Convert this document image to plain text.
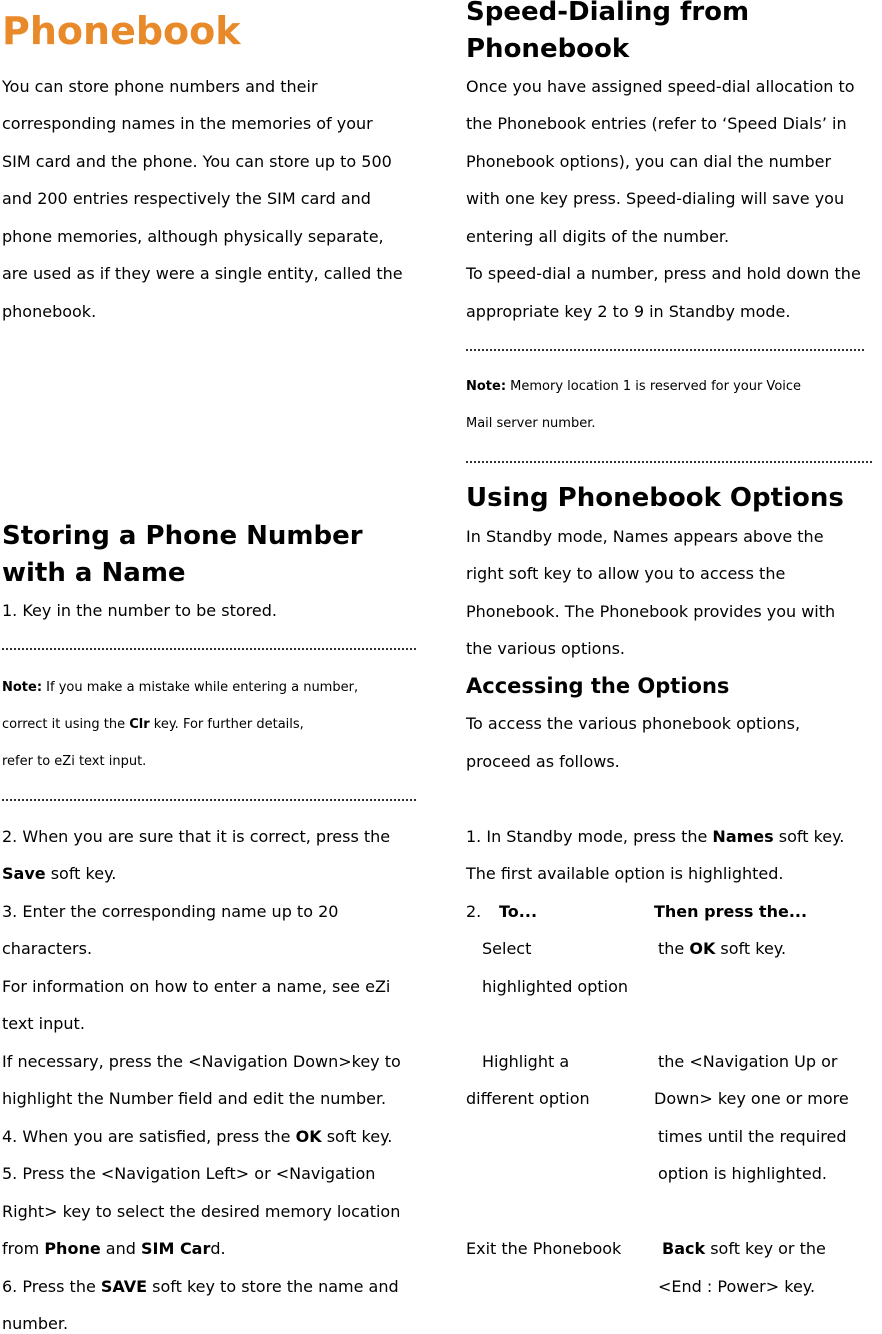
Phonebook
You can store phone numbers and their
corresponding names in the memories of your
SIM card and the phone. You can store up to 500
and 200 entries respectively the SIM card and
phone memories, although physically separate,
are used as if they were a single entity, called the
phonebook.
Storing a Phone Number
with a Name
1. Key in the number to be stored.
Note: If you make a mistake while entering a number,
correct it using the Clr key. For further details,
refer to eZi text input.
2. When you are sure that it is correct, press the
Save soft key.
3. Enter the corresponding name up to 20
characters.
For information on how to enter a name, see eZi
text input.
If necessary, press the <Navigation Down>key to
highlight the Number field and edit the number.
4. When you are satisfied, press the OK soft key.
5. Press the <Navigation Left> or <Navigation
Right> key to select the desired memory location
from Phone and SIM Card.
6. Press the SAVE soft key to store the name and
number.
Speed-Dialing from
Phonebook
Once you have assigned speed-dial allocation to
the Phonebook entries (refer to ‘Speed Dials’ in
Phonebook options), you can dial the number
with one key press. Speed-dialing will save you
entering all digits of the number.
To speed-dial a number, press and hold down the
appropriate key 2 to 9 in Standby mode.
Note: Memory location 1 is reserved for your Voice
Mail server number.
Using Phonebook Options
In Standby mode, Names appears above the
right soft key to allow you to access the
Phonebook. The Phonebook provides you with
the various options.
Accessing the Options
To access the various phonebook options,
proceed as follows.
1. In Standby mode, press the Names soft key.
The first available option is highlighted.
2. To...	Then press the...
Select
highlighted option
the OK soft key.
Highlight a
different option
the <Navigation Up or
Down> key one or more
times until the required
option is highlighted.
Exit the Phonebook	Back soft key or the
<End : Power> key.
